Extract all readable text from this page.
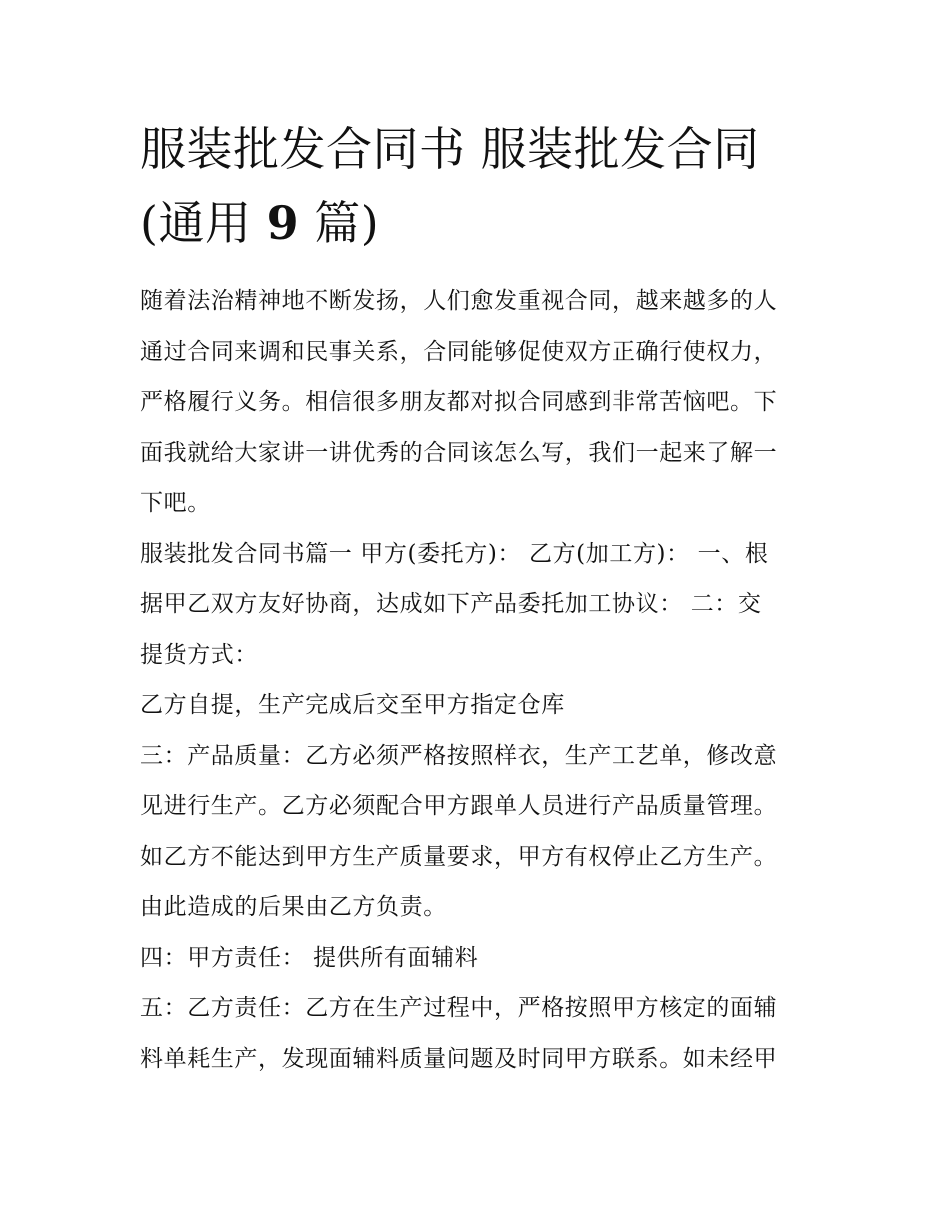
服装批发合同书 服装批发合同
(通用 9 篇)

随着法治精神地不断发扬，人们愈发重视合同，越来越多的人
通过合同来调和民事关系，合同能够促使双方正确行使权力，
严格履行义务。相信很多朋友都对拟合同感到非常苦恼吧。下
面我就给大家讲一讲优秀的合同该怎么写，我们一起来了解一
下吧。

服装批发合同书篇一 甲方(委托方)： 乙方(加工方)： 一、根
据甲乙双方友好协商，达成如下产品委托加工协议： 二：交
提货方式：

乙方自提，生产完成后交至甲方指定仓库

三：产品质量：乙方必须严格按照样衣，生产工艺单，修改意
见进行生产。乙方必须配合甲方跟单人员进行产品质量管理。
如乙方不能达到甲方生产质量要求，甲方有权停止乙方生产。
由此造成的后果由乙方负责。

四：甲方责任： 提供所有面辅料

五：乙方责任：乙方在生产过程中，严格按照甲方核定的面辅
料单耗生产，发现面辅料质量问题及时同甲方联系。如未经甲
